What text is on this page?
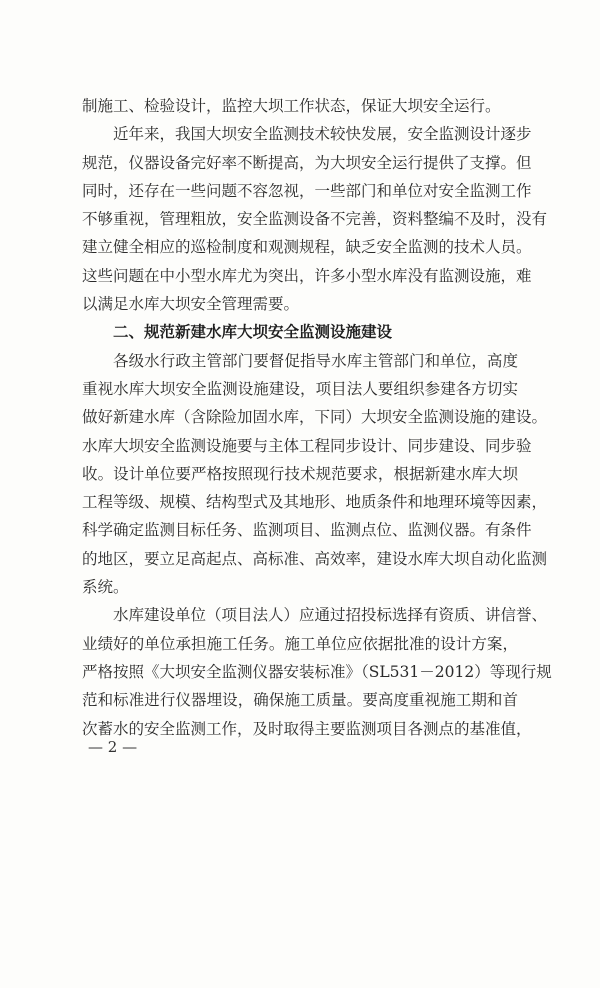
制施工、检验设计，监控大坝工作状态，保证大坝安全运行。
近年来，我国大坝安全监测技术较快发展，安全监测设计逐步
规范，仪器设备完好率不断提高，为大坝安全运行提供了支撑。但
同时，还存在一些问题不容忽视，一些部门和单位对安全监测工作
不够重视，管理粗放，安全监测设备不完善，资料整编不及时，没有
建立健全相应的巡检制度和观测规程，缺乏安全监测的技术人员。
这些问题在中小型水库尤为突出，许多小型水库没有监测设施，难
以满足水库大坝安全管理需要。
二、规范新建水库大坝安全监测设施建设
各级水行政主管部门要督促指导水库主管部门和单位，高度
重视水库大坝安全监测设施建设，项目法人要组织参建各方切实
做好新建水库（含除险加固水库，下同）大坝安全监测设施的建设。
水库大坝安全监测设施要与主体工程同步设计、同步建设、同步验
收。设计单位要严格按照现行技术规范要求，根据新建水库大坝
工程等级、规模、结构型式及其地形、地质条件和地理环境等因素，
科学确定监测目标任务、监测项目、监测点位、监测仪器。有条件
的地区，要立足高起点、高标准、高效率，建设水库大坝自动化监测
系统。
水库建设单位（项目法人）应通过招投标选择有资质、讲信誉、
业绩好的单位承担施工任务。施工单位应依据批准的设计方案，
严格按照《大坝安全监测仪器安装标准》（SL531－2012）等现行规
范和标准进行仪器埋设，确保施工质量。要高度重视施工期和首
次蓄水的安全监测工作，及时取得主要监测项目各测点的基准值，
— 2 —
